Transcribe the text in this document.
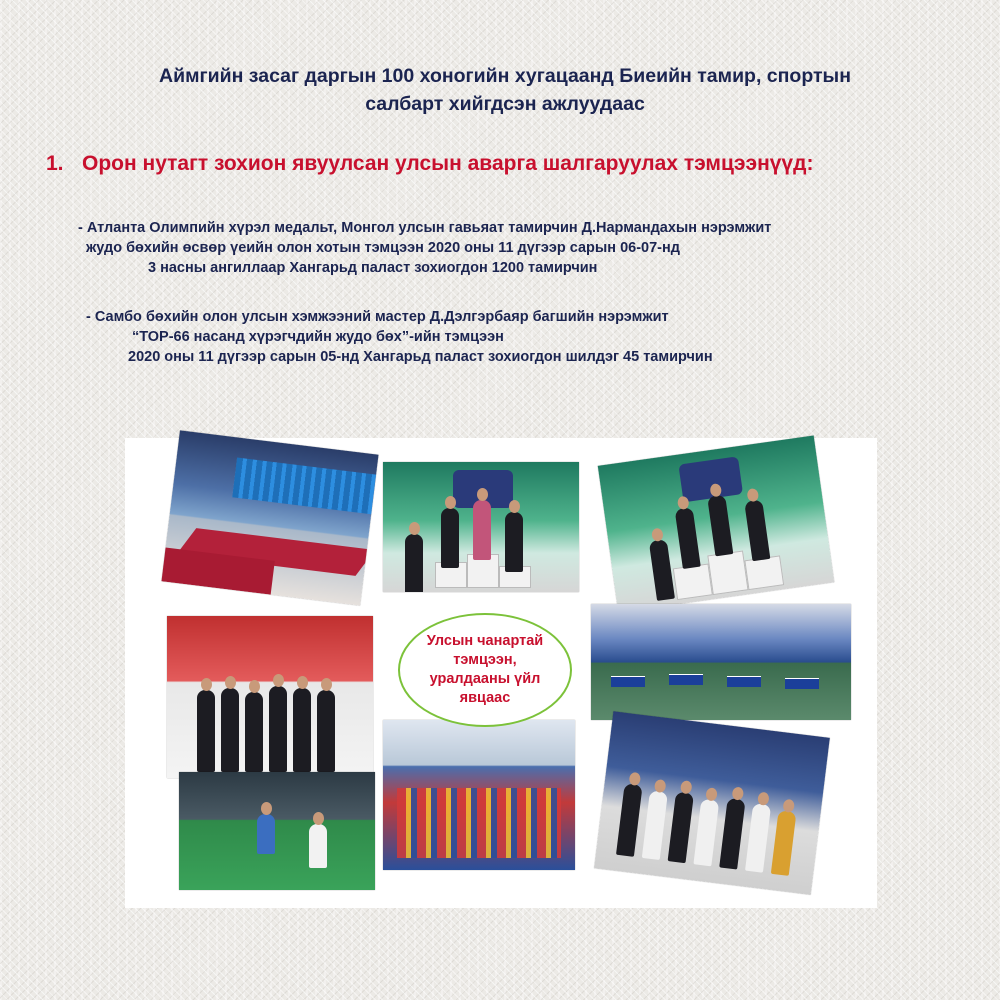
Аймгийн засаг даргын 100 хоногийн хугацаанд Биеийн тамир, спортын
салбарт хийгдсэн ажлуудаас
1. Орон нутагт зохион явуулсан улсын аварга шалгаруулах тэмцээнүүд:
- Атланта Олимпийн хүрэл медальт, Монгол улсын гавьяат тамирчин Д.Нармандахын нэрэмжит
жудо бөхийн өсвөр үеийн олон хотын тэмцээн 2020 оны 11 дүгээр сарын 06-07-нд
3 насны ангиллаар Хангарьд паласт зохиогдон 1200 тамирчин
- Самбо бөхийн олон улсын хэмжээний мастер Д.Дэлгэрбаяр багшийн нэрэмжит
“ТОР-66 насанд хүрэгчдийн жудо бөх”-ийн тэмцээн
2020 оны 11 дүгээр сарын 05-нд Хангарьд паласт зохиогдон шилдэг 45 тамирчин
Улсын чанартай
тэмцээн,
уралдааны үйл
явцаас
